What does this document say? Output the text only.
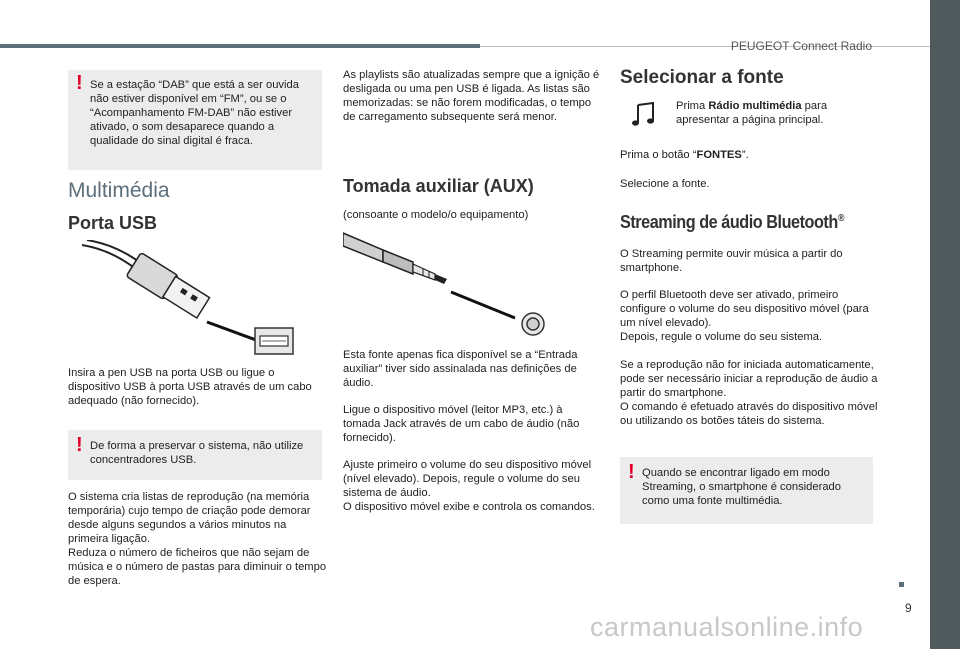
PEUGEOT Connect Radio
9
carmanualsonline.info
! Se a estação “DAB” que está a ser ouvida não estiver disponível em “FM”, ou se o “Acompanhamento FM-DAB” não estiver ativado, o som desaparece quando a qualidade do sinal digital é fraca.
Multimédia
Porta USB

Insira a pen USB na porta USB ou ligue o dispositivo USB à porta USB através de um cabo adequado (não fornecido).

! De forma a preservar o sistema, não utilize concentradores USB.

O sistema cria listas de reprodução (na memória temporária) cujo tempo de criação pode demorar desde alguns segundos a vários minutos na primeira ligação.
Reduza o número de ficheiros que não sejam de música e o número de pastas para diminuir o tempo de espera.

As playlists são atualizadas sempre que a ignição é desligada ou uma pen USB é ligada. As listas são memorizadas: se não forem modificadas, o tempo de carregamento subsequente será menor.

Tomada auxiliar (AUX)

(consoante o modelo/o equipamento)

Esta fonte apenas fica disponível se a “Entrada auxiliar” tiver sido assinalada nas definições de áudio.

Ligue o dispositivo móvel (leitor MP3, etc.) à tomada Jack através de um cabo de áudio (não fornecido).

Ajuste primeiro o volume do seu dispositivo móvel (nível elevado). Depois, regule o volume do seu sistema de áudio.
O dispositivo móvel exibe e controla os comandos.

Selecionar a fonte

Prima Rádio multimédia para apresentar a página principal.

Prima o botão “FONTES”.

Selecione a fonte.

Streaming de áudio Bluetooth®

O Streaming permite ouvir música a partir do smartphone.

O perfil Bluetooth deve ser ativado, primeiro configure o volume do seu dispositivo móvel (para um nível elevado).
Depois, regule o volume do seu sistema.

Se a reprodução não for iniciada automaticamente, pode ser necessário iniciar a reprodução de áudio a partir do smartphone.
O comando é efetuado através do dispositivo móvel ou utilizando os botões táteis do sistema.

! Quando se encontrar ligado em modo Streaming, o smartphone é considerado como uma fonte multimédia.
